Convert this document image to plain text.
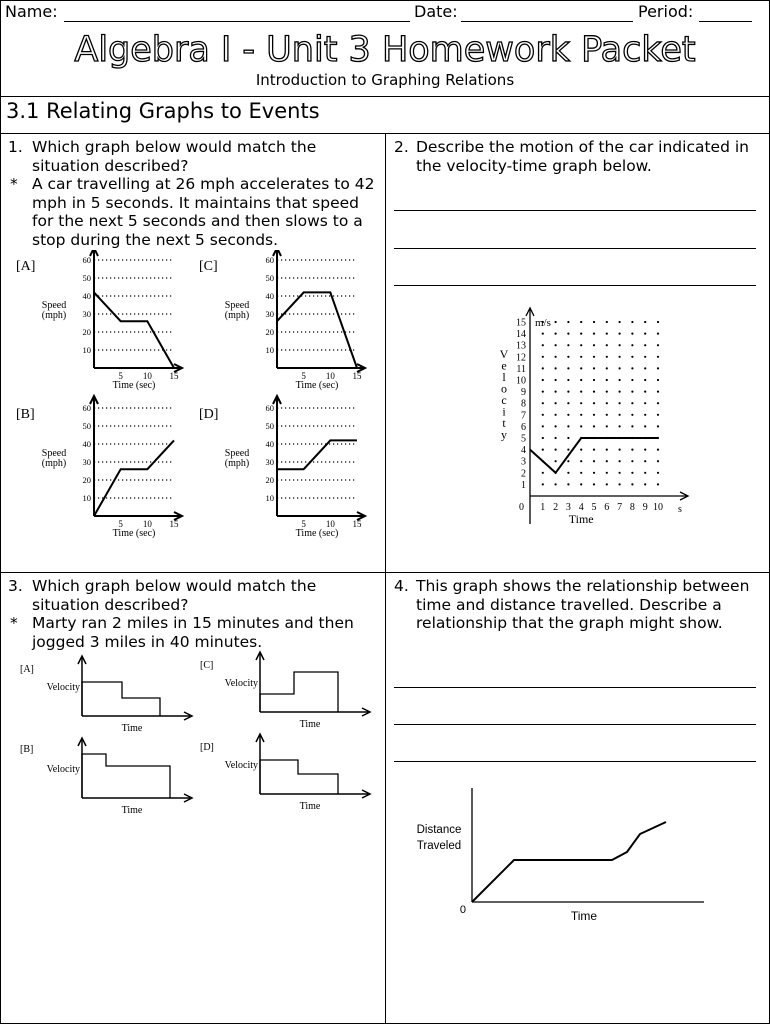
Name:	Date:	Period:
Algebra I - Unit 3 Homework Packet
Introduction to Graphing Relations
3.1 Relating Graphs to Events
1. Which graph below would match the situation described?

* A car travelling at 26 mph accelerates to 42 mph in 5 seconds. It maintains that speed for the next 5 seconds and then slows to a stop during the next 5 seconds.

[A]
10
20
30
40
50
60
5 10 15
Time (sec)
Speed
(mph)
[C]
10
20
30
40
50
60
5 10 15
Time (sec)
Speed
(mph)
[B]
10
20
30
40
50
60
5 10 15
Time (sec)
Speed
(mph)
[D]
10
20
30
40
50
60
5 10 15
Time (sec)
Speed
(mph)
2. Describe the motion of the car indicated in the velocity-time graph below.

1
2
3
4
5
6
7
8
9
10
11
12
13
14
15
1 2 3 4 5 6 7 8 9 10
0
m/s
s
Time
V
e
l
o
c
i
t
y
3. Which graph below would match the situation described?

* Marty ran 2 miles in 15 minutes and then jogged 3 miles in 40 minutes.

[A]
Velocity
Time
[C]
Velocity
Time
[B]
Velocity
Time
[D]
Velocity
Time
4. This graph shows the relationship between time and distance travelled. Describe a relationship that the graph might show.

Distance
Traveled
0	Time
